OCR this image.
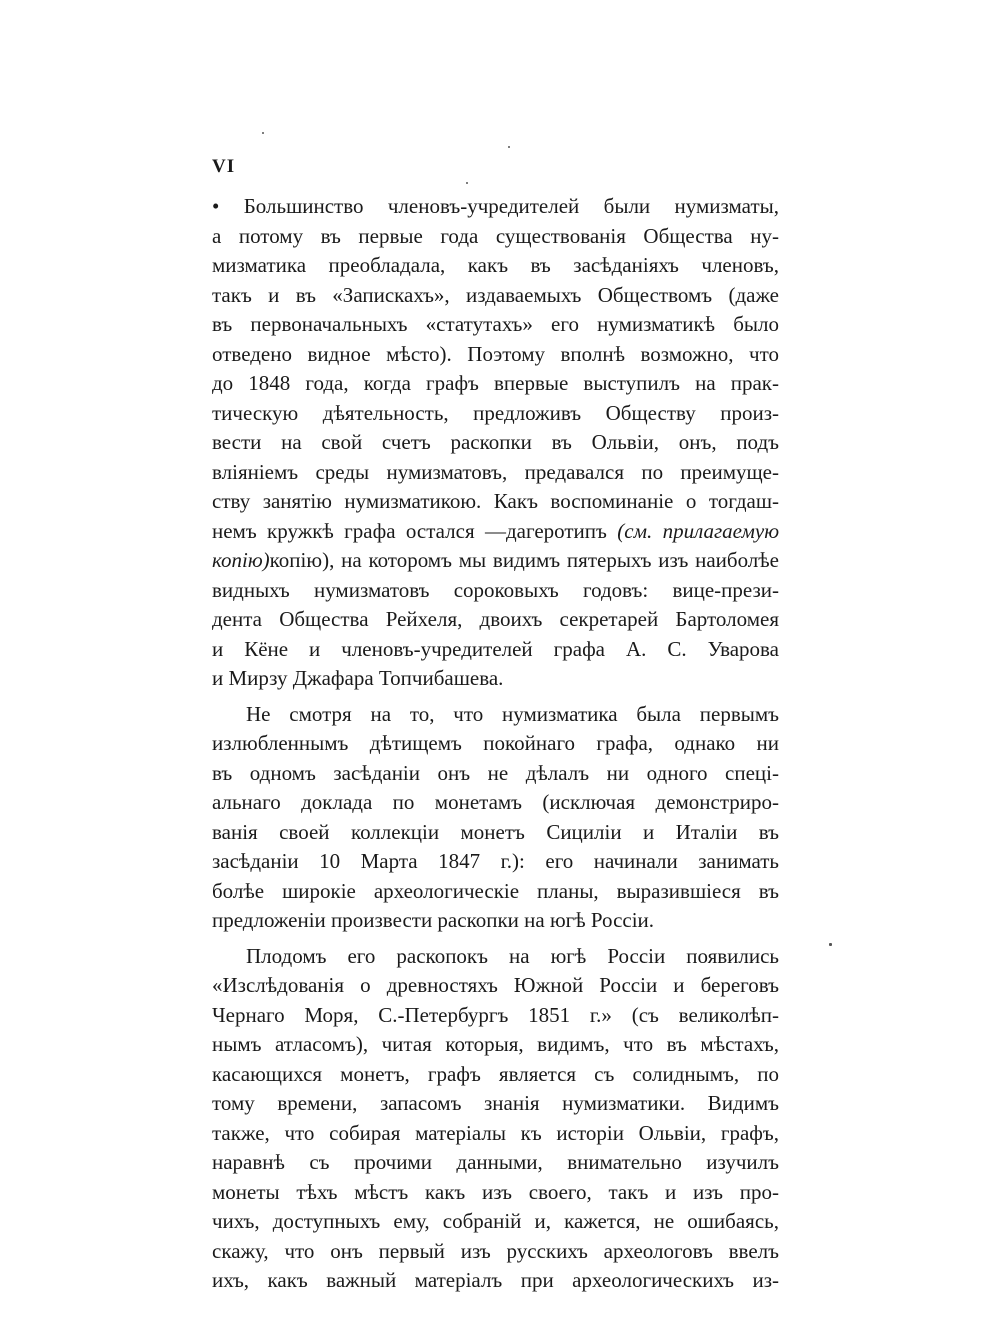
VI
• Большинство членовъ-учредителей были нумизматы,
а потому въ первые года существованія Общества ну-
мизматика преобладала, какъ въ засѣданіяхъ членовъ,
такъ и въ «Запискахъ», издаваемыхъ Обществомъ (даже
въ первоначальныхъ «статутахъ» его нумизматикѣ было
отведено видное мѣсто). Поэтому вполнѣ возможно, что
до 1848 года, когда графъ впервые выступилъ на прак-
тическую дѣятельность, предложивъ Обществу произ-
вести на свой счетъ раскопки въ Ольвіи, онъ, подъ
вліяніемъ среды нумизматовъ, предавался по преимуще-
ству занятію нумизматикою. Какъ воспоминаніе о тогдаш-
немъ кружкѣ графа остался —дагеротипъ (см. прилагаемую
копію)копію), на которомъ мы видимъ пятерыхъ изъ наиболѣе
видныхъ нумизматовъ сороковыхъ годовъ: вице-прези-
дента Общества Рейхеля, двоихъ секретарей Бартоломея
и Кёне и членовъ-учредителей графа А. С. Уварова
и Мирзу Джафара Топчибашева.
Не смотря на то, что нумизматика была первымъ
излюбленнымъ дѣтищемъ покойнаго графа, однако ни
въ одномъ засѣданіи онъ не дѣлалъ ни одного спеці-
альнаго доклада по монетамъ (исключая демонстриро-
ванія своей коллекціи монетъ Сициліи и Италіи въ
засѣданіи 10 Марта 1847 г.): его начинали занимать
болѣе широкіе археологическіе планы, выразившіеся въ
предложеніи произвести раскопки на югѣ Россіи.
Плодомъ его раскопокъ на югѣ Россіи появились
«Изслѣдованія о древностяхъ Южной Россіи и береговъ
Чернаго Моря, С.-Петербургъ 1851 г.» (съ великолѣп-
нымъ атласомъ), читая которыя, видимъ, что въ мѣстахъ,
касающихся монетъ, графъ является съ солиднымъ, по
тому времени, запасомъ знанія нумизматики. Видимъ
также, что собирая матеріалы къ исторіи Ольвіи, графъ,
наравнѣ съ прочими данными, внимательно изучилъ
монеты тѣхъ мѣстъ какъ изъ своего, такъ и изъ про-
чихъ, доступныхъ ему, собраній и, кажется, не ошибаясь,
скажу, что онъ первый изъ русскихъ археологовъ ввелъ
ихъ, какъ важный матеріалъ при археологическихъ из-
